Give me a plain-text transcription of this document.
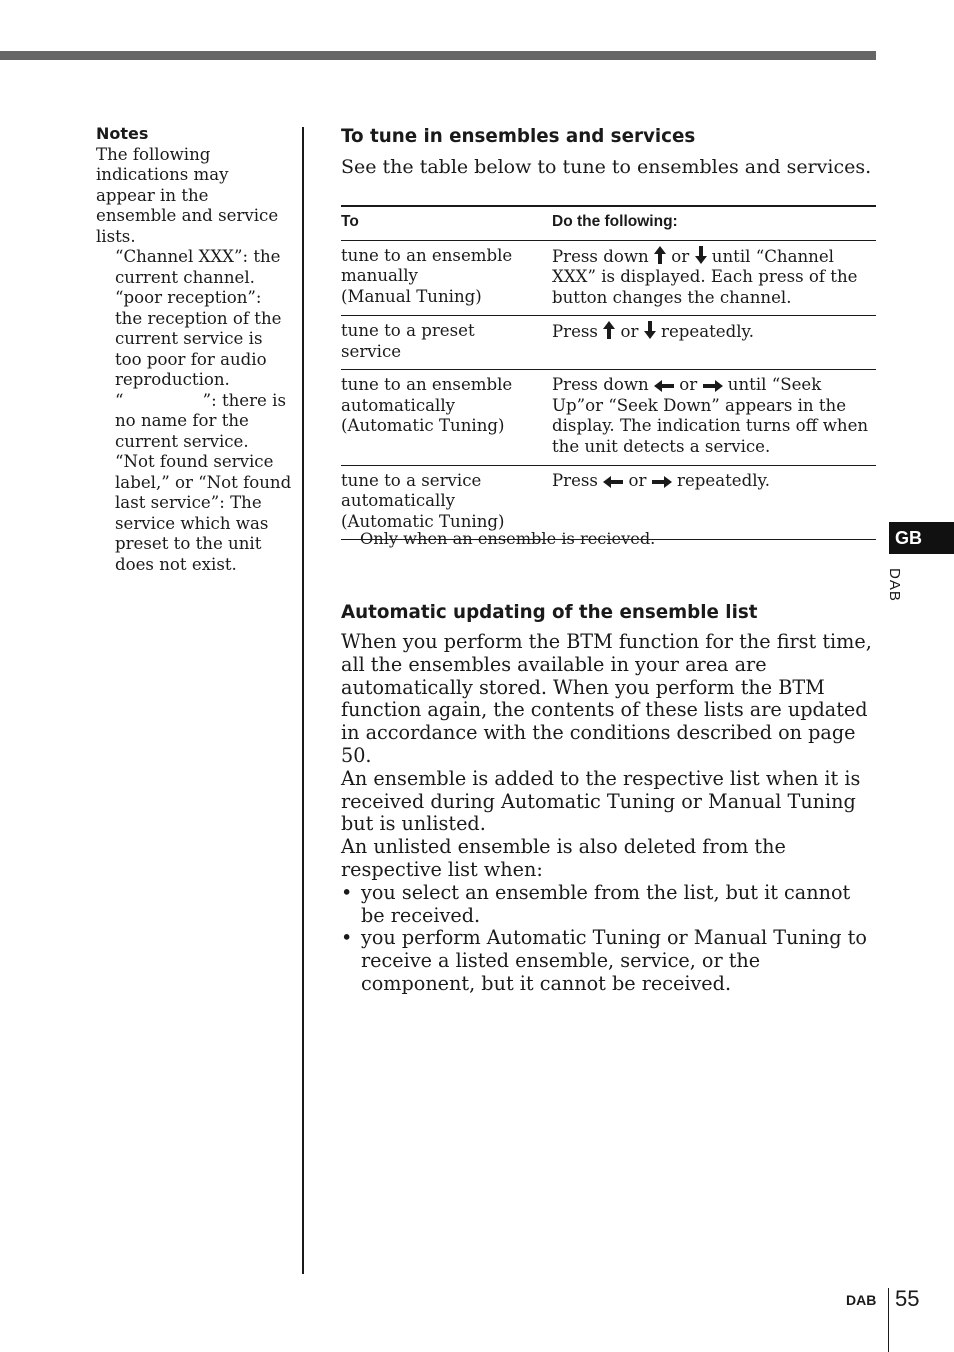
Notes
The following indications may appear in the ensemble and service lists.
“Channel XXX”: the current channel.
“poor reception”: the reception of the current service is too poor for audio reproduction.
“               ”: there is no name for the current service.
“Not found service label,” or “Not found last service”: The service which was preset to the unit does not exist.
To tune in ensembles and services
See the table below to tune to ensembles and services.
To	Do the following:

tune to an ensemble manually
(Manual Tuning)	Press down or until “Channel XXX” is displayed. Each press of the button changes the channel.

tune to a preset service	Press or repeatedly.

tune to an ensemble automatically
(Automatic Tuning)	Press down or until “Seek Up”or “Seek Down” appears in the display. The indication turns off when the unit detects a service.

tune to a service automatically
(Automatic Tuning)	Press or repeatedly.
Only when an ensemble is recieved.
Automatic updating of the ensemble list
When you perform the BTM function for the first time, all the ensembles available in your area are automatically stored. When you perform the BTM function again, the contents of these lists are updated in accordance with the conditions described on page 50.
An ensemble is added to the respective list when it is received during Automatic Tuning or Manual Tuning but is unlisted.
An unlisted ensemble is also deleted from the respective list when:
• you select an ensemble from the list, but it cannot be received.
• you perform Automatic Tuning or Manual Tuning to receive a listed ensemble, service, or the component, but it cannot be received.
GB
DAB
DAB 55
